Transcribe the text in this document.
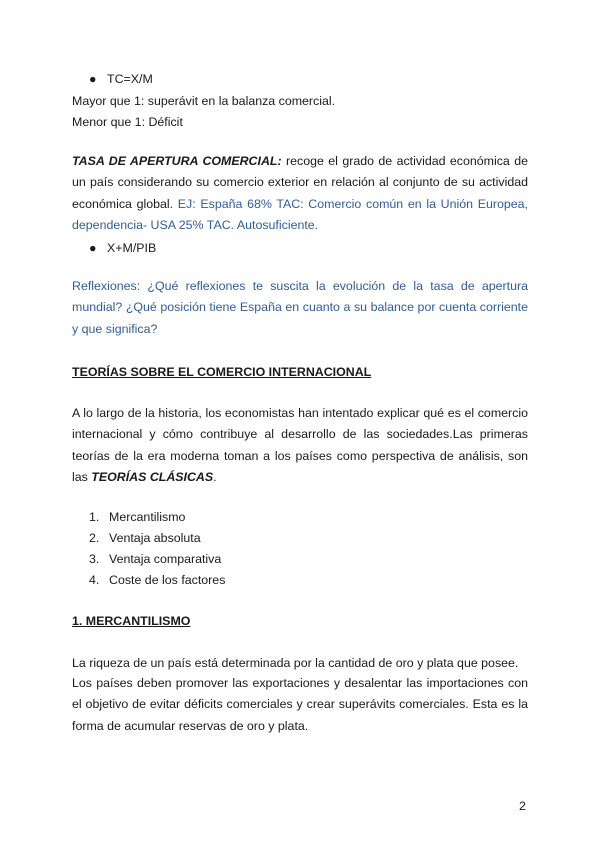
● TC=X/M
Mayor que 1: superávit en la balanza comercial.
Menor que 1: Déficit
TASA DE APERTURA COMERCIAL: recoge el grado de actividad económica de un país considerando su comercio exterior en relación al conjunto de su actividad económica global. EJ: España 68% TAC: Comercio común en la Unión Europea, dependencia- USA 25% TAC. Autosuficiente.
● X+M/PIB
Reflexiones: ¿Qué reflexiones te suscita la evolución de la tasa de apertura mundial? ¿Qué posición tiene España en cuanto a su balance por cuenta corriente y que significa?
TEORÍAS SOBRE EL COMERCIO INTERNACIONAL
A lo largo de la historia, los economistas han intentado explicar qué es el comercio internacional y cómo contribuye al desarrollo de las sociedades.Las primeras teorías de la era moderna toman a los países como perspectiva de análisis, son las TEORÍAS CLÁSICAS.
1. Mercantilismo
2. Ventaja absoluta
3. Ventaja comparativa
4. Coste de los factores
1. MERCANTILISMO
La riqueza de un país está determinada por la cantidad de oro y plata que posee.
Los países deben promover las exportaciones y desalentar las importaciones con el objetivo de evitar déficits comerciales y crear superávits comerciales. Esta es la forma de acumular reservas de oro y plata.
2
